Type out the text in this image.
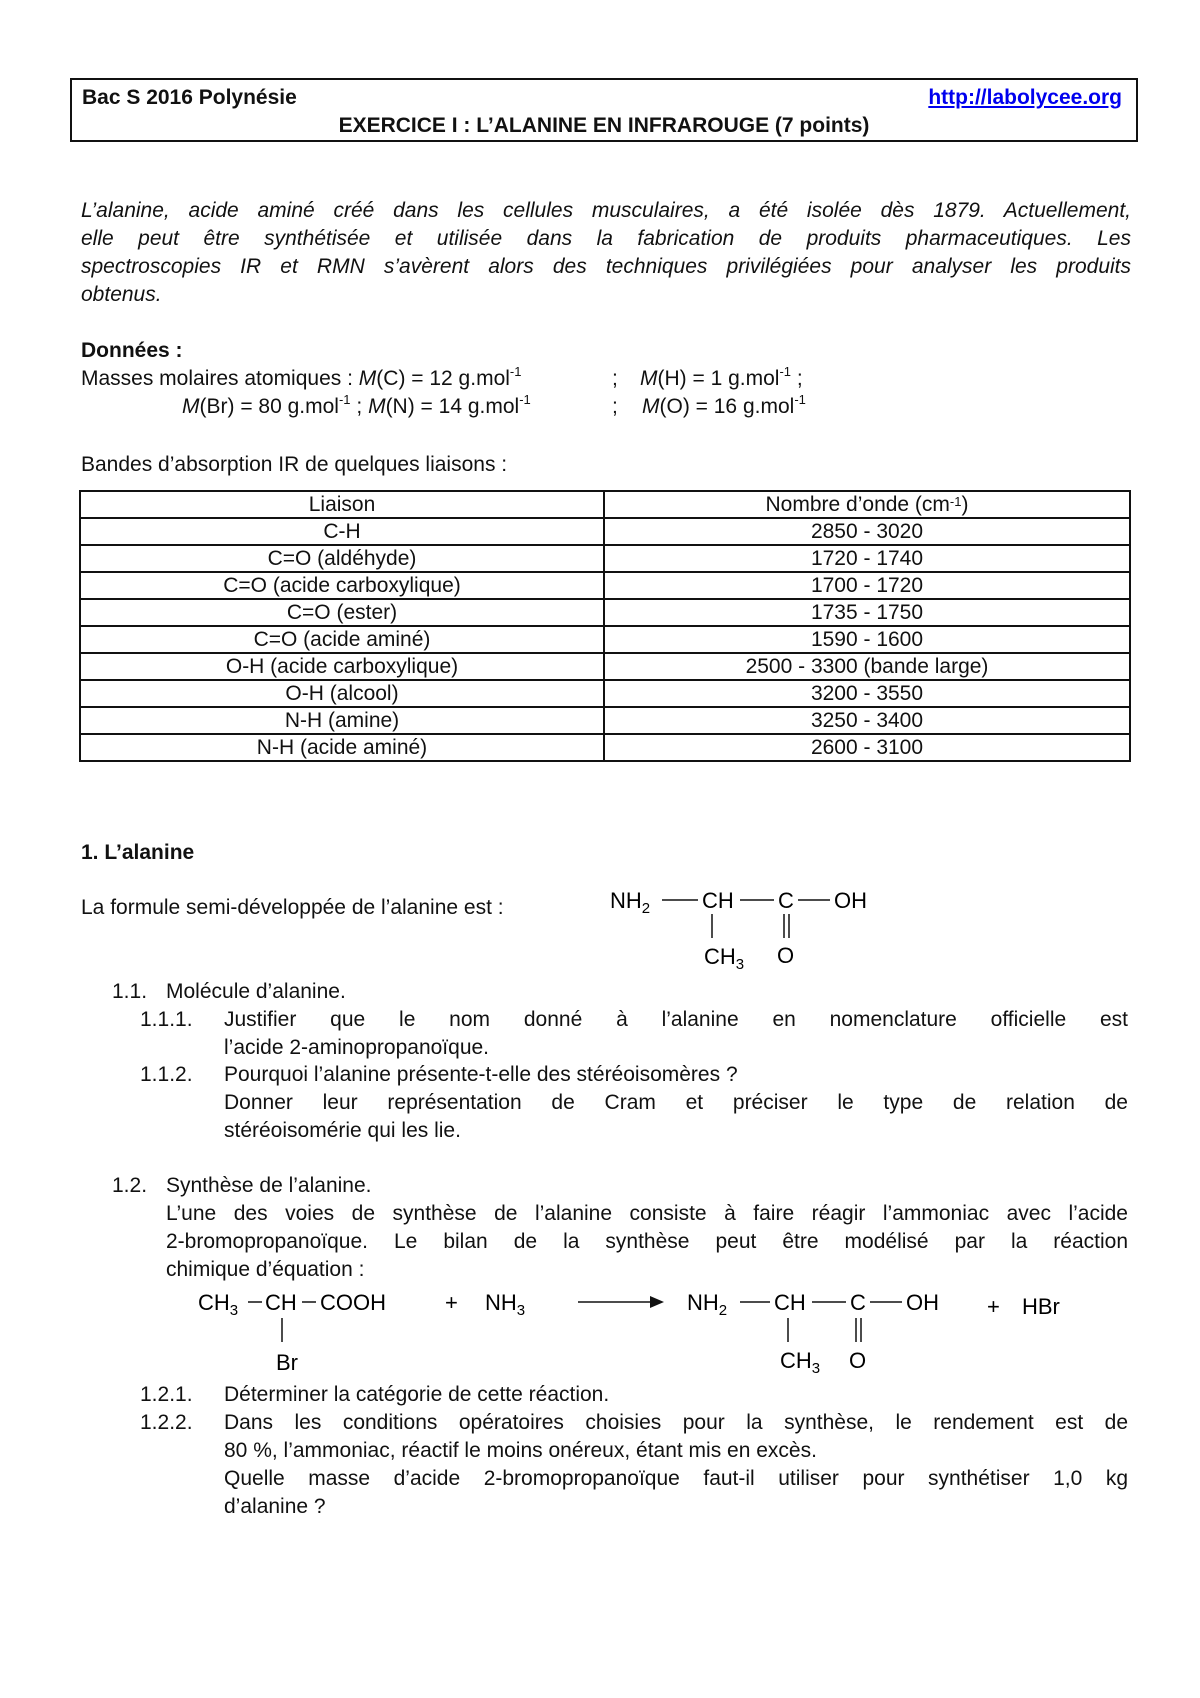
Bac S 2016 Polynésie	http://labolycee.org
EXERCICE I : L’ALANINE EN INFRAROUGE (7 points)
L’alanine, acide aminé créé dans les cellules musculaires, a été isolée dès 1879. Actuellement,
elle peut être synthétisée et utilisée dans la fabrication de produits pharmaceutiques. Les
spectroscopies IR et RMN s’avèrent alors des techniques privilégiées pour analyser les produits
obtenus.
Données :
Masses molaires atomiques : M(C) = 12 g.mol$^{-1}$	; M(H) = 1 g.mol$^{-1}$ ;
M(Br) = 80 g.mol$^{-1}$ ; M(N) = 14 g.mol$^{-1}$	; M(O) = 16 g.mol$^{-1}$
Bandes d’absorption IR de quelques liaisons :
Liaison	Nombre d’onde $(cm^{-1})$
C-H	2850 - 3020
C=O (aldéhyde)	1720 - 1740
C=O (acide carboxylique)	1700 - 1720
C=O (ester)	1735 - 1750
C=O (acide aminé)	1590 - 1600
O-H (acide carboxylique)	2500 - 3300 (bande large)
O-H (alcool)	3200 - 3550
N-H (amine)	3250 - 3400
N-H (acide aminé)	2600 - 3100
1. L’alanine
La formule semi-développée de l’alanine est :	$NH_2$ CH C OH
$CH_3$ O
1.1. Molécule d’alanine.
1.1.1. Justifier que le nom donné à l’alanine en nomenclature officielle est
l’acide 2-aminopropanoïque.
1.1.2. Pourquoi l’alanine présente-t-elle des stéréoisomères ?
Donner leur représentation de Cram et préciser le type de relation de
stéréoisomérie qui les lie.
1.2. Synthèse de l’alanine.
L’une des voies de synthèse de l’alanine consiste à faire réagir l’ammoniac avec l’acide
2-bromopropanoïque. Le bilan de la synthèse peut être modélisé par la réaction
chimique d’équation :
$CH_3$ CH COOH
Br
+ $NH_3$	$NH_2$ CH C OH
$CH_3$ O
+ HBr
1.2.1. Déterminer la catégorie de cette réaction.
1.2.2. Dans les conditions opératoires choisies pour la synthèse, le rendement est de
80 %, l’ammoniac, réactif le moins onéreux, étant mis en excès.
Quelle masse d’acide 2-bromopropanoïque faut-il utiliser pour synthétiser 1,0 kg
d’alanine ?
